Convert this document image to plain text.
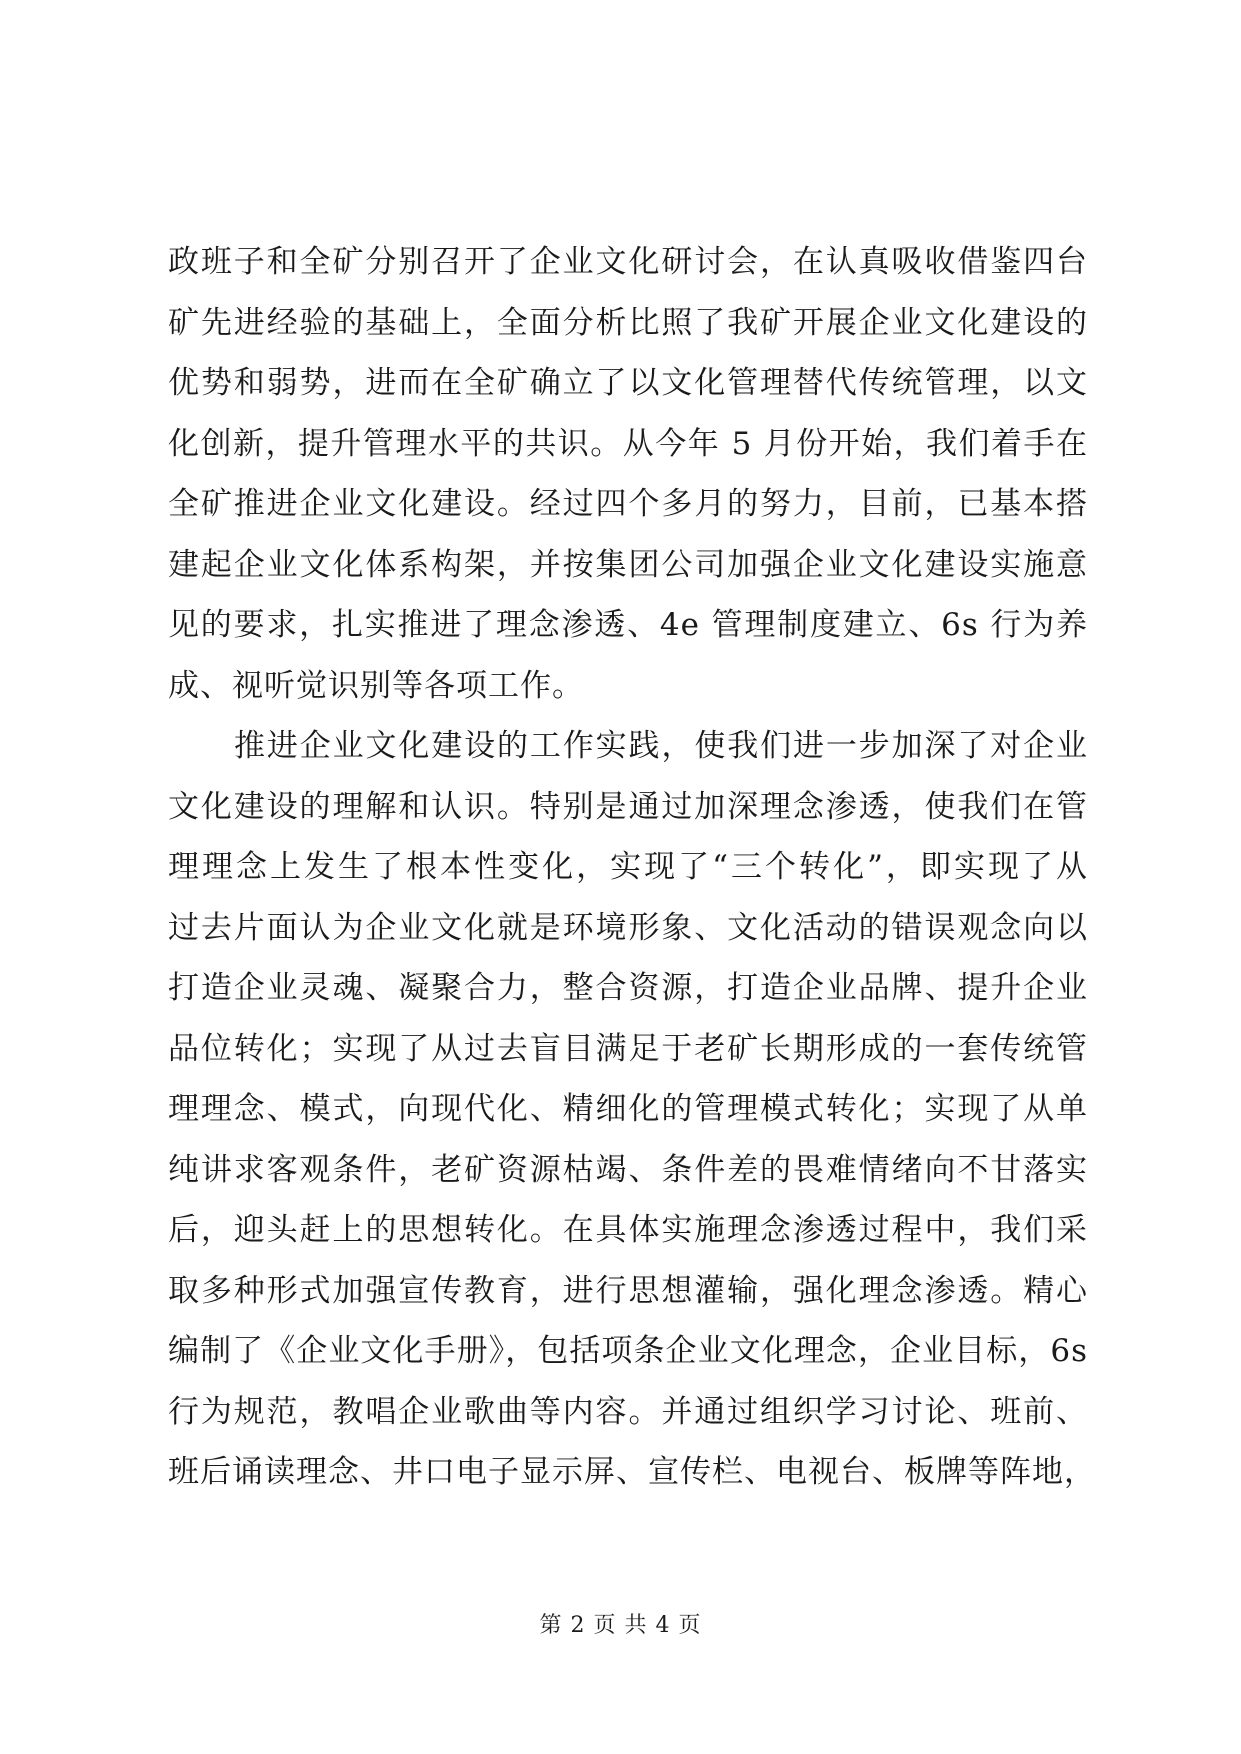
政班子和全矿分别召开了企业文化研讨会，在认真吸收借鉴四台
矿先进经验的基础上，全面分析比照了我矿开展企业文化建设的
优势和弱势，进而在全矿确立了以文化管理替代传统管理，以文
化创新，提升管理水平的共识。从今年 5 月份开始，我们着手在
全矿推进企业文化建设。经过四个多月的努力，目前，已基本搭
建起企业文化体系构架，并按集团公司加强企业文化建设实施意
见的要求，扎实推进了理念渗透、4e 管理制度建立、6s 行为养
成、视听觉识别等各项工作。

推进企业文化建设的工作实践，使我们进一步加深了对企业
文化建设的理解和认识。特别是通过加深理念渗透，使我们在管
理理念上发生了根本性变化，实现了“三个转化”，即实现了从
过去片面认为企业文化就是环境形象、文化活动的错误观念向以
打造企业灵魂、凝聚合力，整合资源，打造企业品牌、提升企业
品位转化；实现了从过去盲目满足于老矿长期形成的一套传统管
理理念、模式，向现代化、精细化的管理模式转化；实现了从单
纯讲求客观条件，老矿资源枯竭、条件差的畏难情绪向不甘落实
后，迎头赶上的思想转化。在具体实施理念渗透过程中，我们采
取多种形式加强宣传教育，进行思想灌输，强化理念渗透。精心
编制了《企业文化手册》，包括项条企业文化理念，企业目标，6s
行为规范，教唱企业歌曲等内容。并通过组织学习讨论、班前、
班后诵读理念、井口电子显示屏、宣传栏、电视台、板牌等阵地，

第 2 页 共 4 页
